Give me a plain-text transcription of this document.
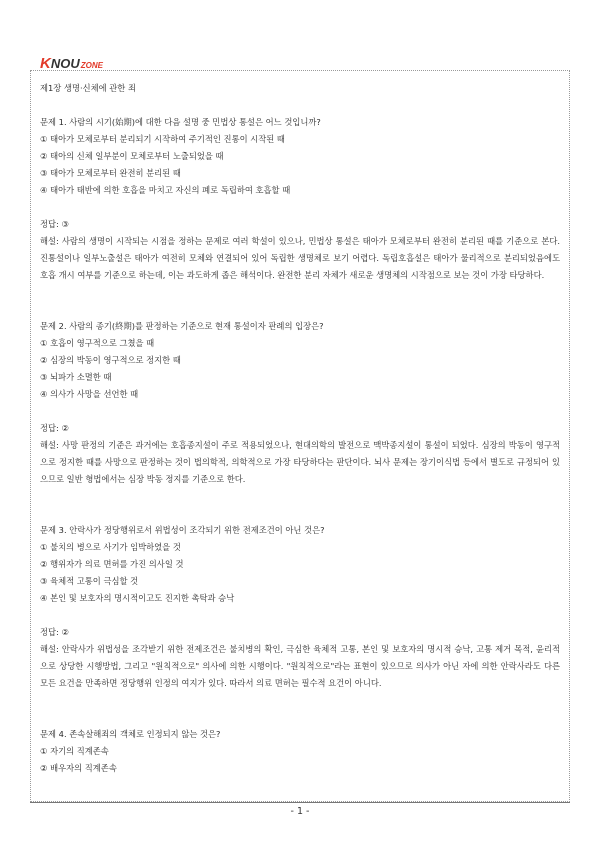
K NOU ZONE
제1장 생명·신체에 관한 죄
문제 1. 사람의 시기(始期)에 대한 다음 설명 중 민법상 통설은 어느 것입니까?
① 태아가 모체로부터 분리되기 시작하여 주기적인 진통이 시작된 때
② 태아의 신체 일부분이 모체로부터 노출되었을 때
③ 태아가 모체로부터 완전히 분리된 때
④ 태아가 태반에 의한 호흡을 마치고 자신의 폐로 독립하여 호흡할 때
정답: ③
해설: 사람의 생명이 시작되는 시점을 정하는 문제로 여러 학설이 있으나, 민법상 통설은 태아가 모체로부터 완전히 분리된 때를 기준으로 본다. 진통설이나 일부노출설은 태아가 여전히 모체와 연결되어 있어 독립한 생명체로 보기 어렵다. 독립호흡설은 태아가 물리적으로 분리되었음에도 호흡 개시 여부를 기준으로 하는데, 이는 과도하게 좁은 해석이다. 완전한 분리 자체가 새로운 생명체의 시작점으로 보는 것이 가장 타당하다.
문제 2. 사람의 종기(終期)를 판정하는 기준으로 현재 통설이자 판례의 입장은?
① 호흡이 영구적으로 그쳤을 때
② 심장의 박동이 영구적으로 정지한 때
③ 뇌파가 소멸한 때
④ 의사가 사망을 선언한 때
정답: ②
해설: 사망 판정의 기준은 과거에는 호흡종지설이 주로 적용되었으나, 현대의학의 발전으로 맥박종지설이 통설이 되었다. 심장의 박동이 영구적으로 정지한 때를 사망으로 판정하는 것이 법의학적, 의학적으로 가장 타당하다는 판단이다. 뇌사 문제는 장기이식법 등에서 별도로 규정되어 있으므로 일반 형법에서는 심장 박동 정지를 기준으로 한다.
문제 3. 안락사가 정당행위로서 위법성이 조각되기 위한 전제조건이 아닌 것은?
① 불치의 병으로 사기가 임박하였을 것
② 행위자가 의료 면허를 가진 의사일 것
③ 육체적 고통이 극심할 것
④ 본인 및 보호자의 명시적이고도 진지한 촉탁과 승낙
정답: ②
해설: 안락사가 위법성을 조각받기 위한 전제조건은 불치병의 확인, 극심한 육체적 고통, 본인 및 보호자의 명시적 승낙, 고통 제거 목적, 윤리적으로 상당한 시행방법, 그리고 "원칙적으로" 의사에 의한 시행이다. "원칙적으로"라는 표현이 있으므로 의사가 아닌 자에 의한 안락사라도 다른 모든 요건을 만족하면 정당행위 인정의 여지가 있다. 따라서 의료 면허는 필수적 요건이 아니다.
문제 4. 존속살해죄의 객체로 인정되지 않는 것은?
① 자기의 직계존속
② 배우자의 직계존속
- 1 -
